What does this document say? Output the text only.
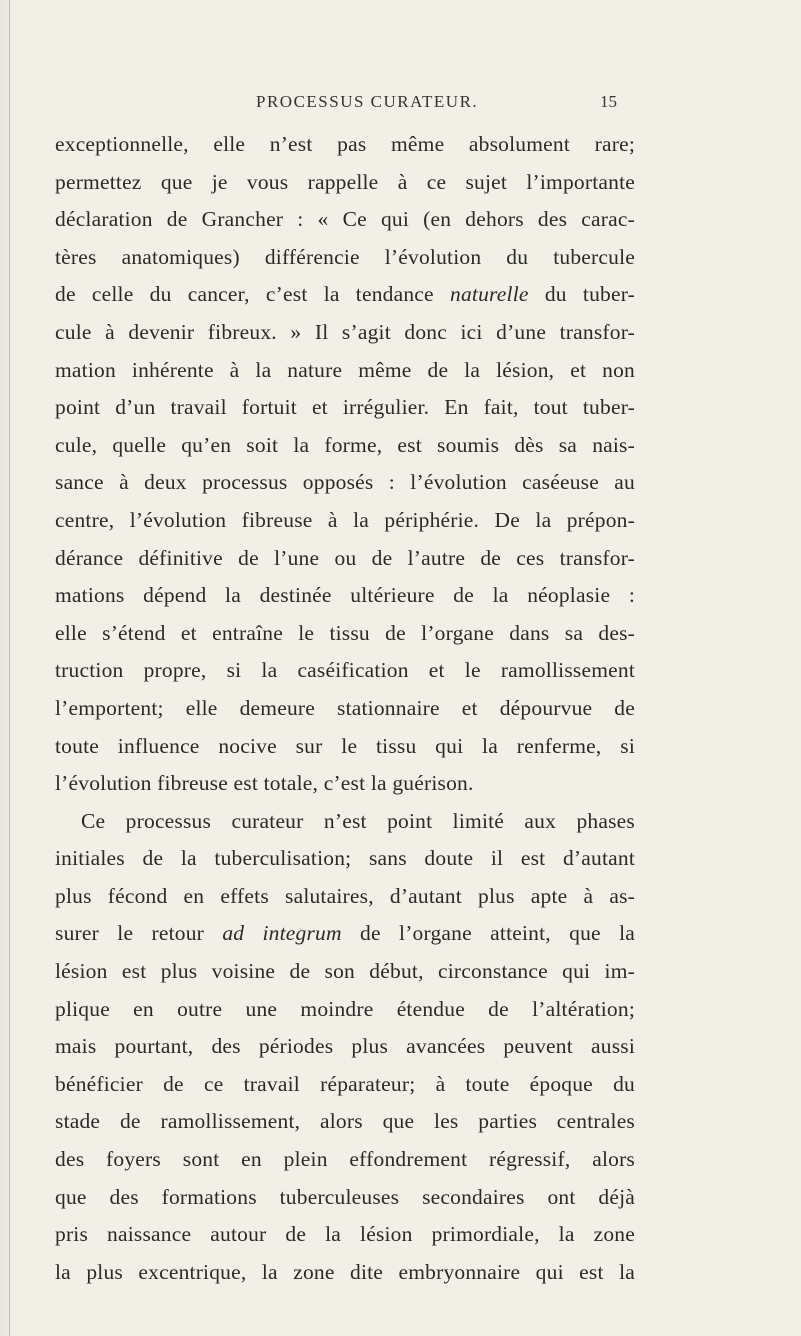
PROCESSUS CURATEUR.	15
exceptionnelle, elle n’est pas même absolument rare;
permettez que je vous rappelle à ce sujet l’importante
déclaration de Grancher : « Ce qui (en dehors des carac-
tères anatomiques) différencie l’évolution du tubercule
de celle du cancer, c’est la tendance naturelle du tuber-
cule à devenir fibreux. » Il s’agit donc ici d’une transfor-
mation inhérente à la nature même de la lésion, et non
point d’un travail fortuit et irrégulier. En fait, tout tuber-
cule, quelle qu’en soit la forme, est soumis dès sa nais-
sance à deux processus opposés : l’évolution caséeuse au
centre, l’évolution fibreuse à la périphérie. De la prépon-
dérance définitive de l’une ou de l’autre de ces transfor-
mations dépend la destinée ultérieure de la néoplasie :
elle s’étend et entraîne le tissu de l’organe dans sa des-
truction propre, si la caséification et le ramollissement
l’emportent; elle demeure stationnaire et dépourvue de
toute influence nocive sur le tissu qui la renferme, si
l’évolution fibreuse est totale, c’est la guérison.
Ce processus curateur n’est point limité aux phases
initiales de la tuberculisation; sans doute il est d’autant
plus fécond en effets salutaires, d’autant plus apte à as-
surer le retour ad integrum de l’organe atteint, que la
lésion est plus voisine de son début, circonstance qui im-
plique en outre une moindre étendue de l’altération;
mais pourtant, des périodes plus avancées peuvent aussi
bénéficier de ce travail réparateur; à toute époque du
stade de ramollissement, alors que les parties centrales
des foyers sont en plein effondrement régressif, alors
que des formations tuberculeuses secondaires ont déjà
pris naissance autour de la lésion primordiale, la zone
la plus excentrique, la zone dite embryonnaire qui est la
